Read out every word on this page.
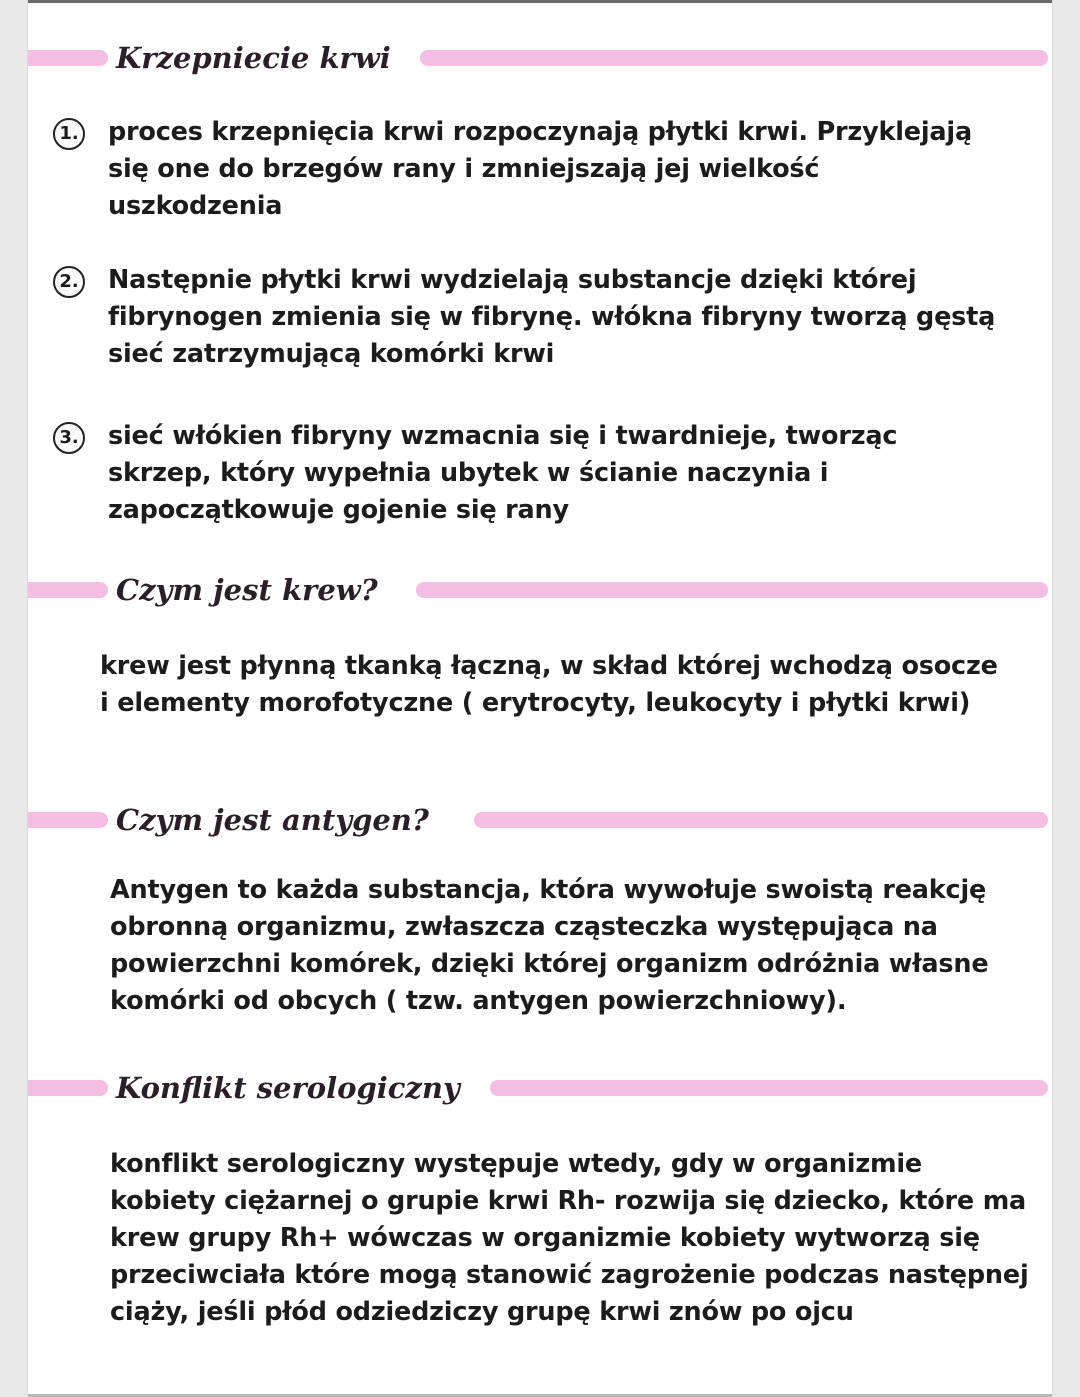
Krzepniecie krwi
1. proces krzepnięcia krwi rozpoczynają płytki krwi. Przyklejają się one do brzegów rany i zmniejszają jej wielkość uszkodzenia
2. Następnie płytki krwi wydzielają substancje dzięki której fibrynogen zmienia się w fibrynę. włókna fibryny tworzą gęstą sieć zatrzymującą komórki krwi
3. sieć włókien fibryny wzmacnia się i twardnieje, tworząc skrzep, który wypełnia ubytek w ścianie naczynia i zapoczątkowuje gojenie się rany
Czym jest krew?
krew jest płynną tkanką łączną, w skład której wchodzą osocze i elementy morofotyczne ( erytrocyty, leukocyty i płytki krwi)
Czym jest antygen?
Antygen to każda substancja, która wywołuje swoistą reakcję obronną organizmu, zwłaszcza cząsteczka występująca na powierzchni komórek, dzięki której organizm odróżnia własne komórki od obcych ( tzw. antygen powierzchniowy).
Konflikt serologiczny
konflikt serologiczny występuje wtedy, gdy w organizmie kobiety ciężarnej o grupie krwi Rh- rozwija się dziecko, które ma krew grupy Rh+ wówczas w organizmie kobiety wytworzą się przeciwciała które mogą stanowić zagrożenie podczas następnej ciąży, jeśli płód odziedziczy grupę krwi znów po ojcu
